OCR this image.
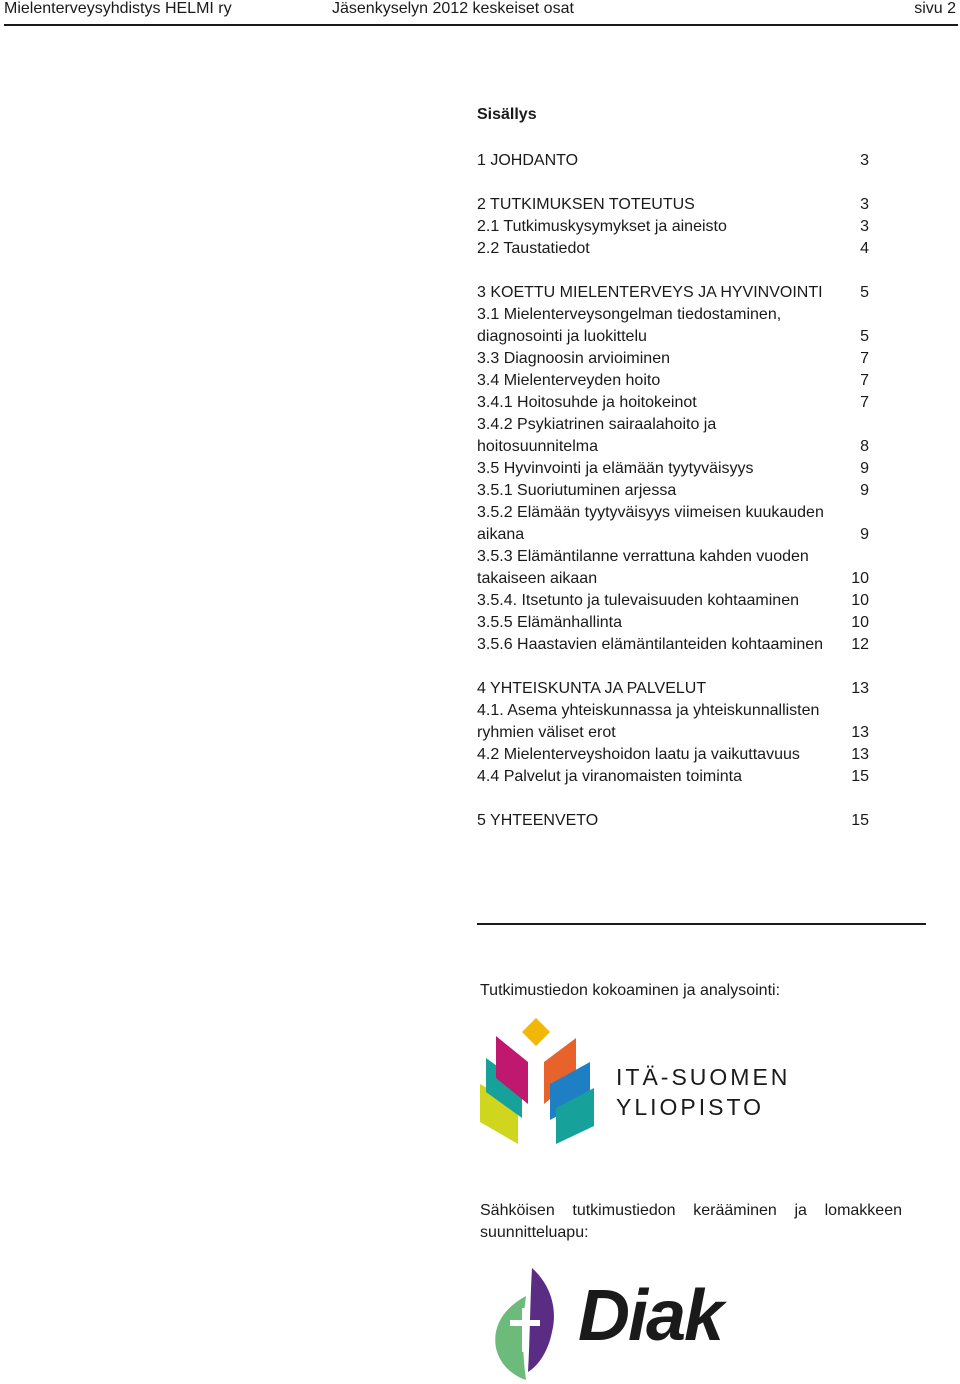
Mielenterveysyhdistys HELMI ry	Jäsenkyselyn 2012 keskeiset osat	sivu 2
Sisällys
1 JOHDANTO	3
2 TUTKIMUKSEN TOTEUTUS	3
2.1 Tutkimuskysymykset ja aineisto	3
2.2 Taustatiedot	4
3 KOETTU MIELENTERVEYS JA HYVINVOINTI	5
3.1 Mielenterveysongelman tiedostaminen, diagnosointi ja luokittelu	5
3.3 Diagnoosin arvioiminen	7
3.4 Mielenterveyden hoito	7
3.4.1 Hoitosuhde ja hoitokeinot	7
3.4.2 Psykiatrinen sairaalahoito ja hoitosuunnitelma	8
3.5 Hyvinvointi ja elämään tyytyväisyys	9
3.5.1 Suoriutuminen arjessa	9
3.5.2 Elämään tyytyväisyys viimeisen kuukauden aikana	9
3.5.3 Elämäntilanne verrattuna kahden vuoden takaiseen aikaan	10
3.5.4. Itsetunto ja tulevaisuuden kohtaaminen	10
3.5.5 Elämänhallinta	10
3.5.6 Haastavien elämäntilanteiden kohtaaminen	12
4 YHTEISKUNTA JA PALVELUT	13
4.1. Asema yhteiskunnassa ja yhteiskunnallisten ryhmien väliset erot	13
4.2 Mielenterveyshoidon laatu ja vaikuttavuus	13
4.4 Palvelut ja viranomaisten toiminta	15
5 YHTEENVETO	15
Tutkimustiedon kokoaminen ja analysointi:
ITÄ-SUOMEN
YLIOPISTO
Sähköisen tutkimustiedon kerääminen ja lomakkeen suunnitteluapu:
Diak
